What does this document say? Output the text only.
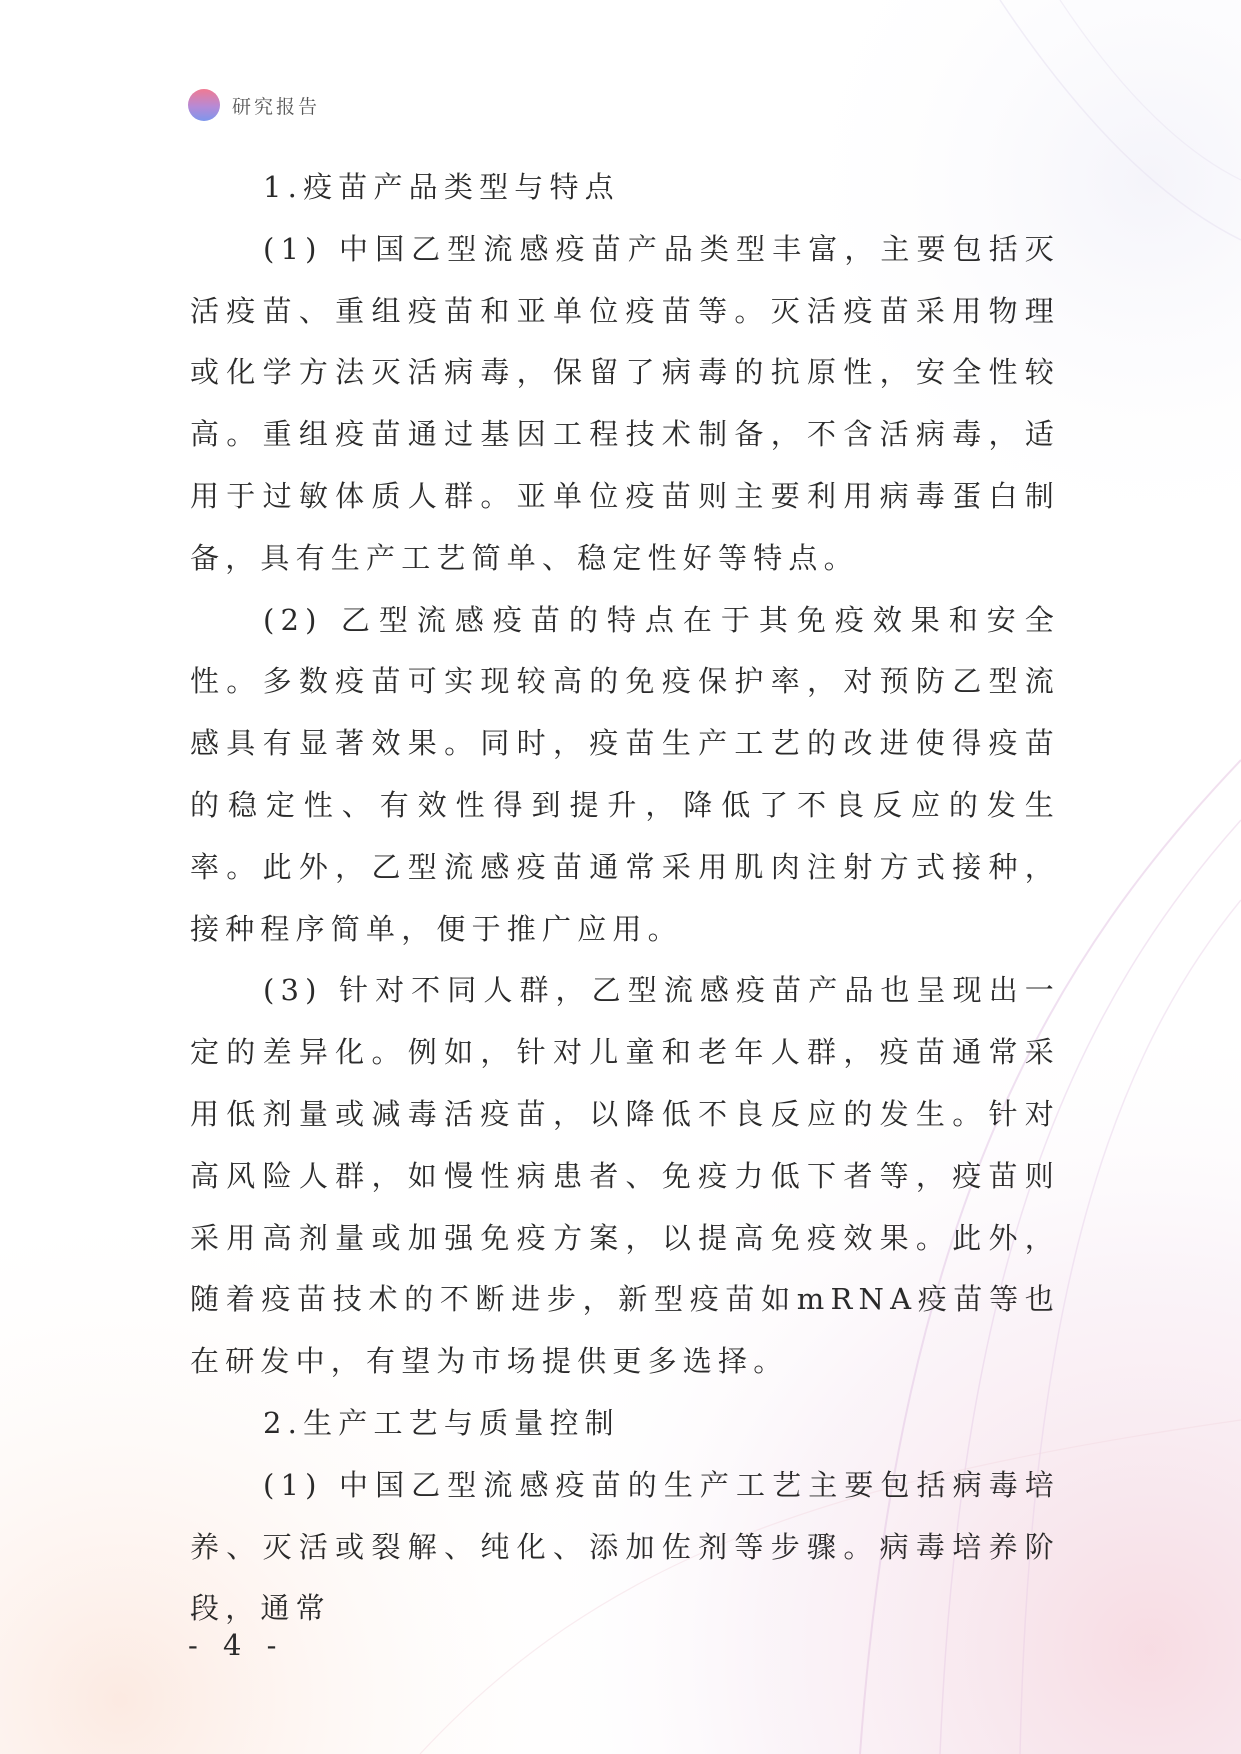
研究报告

1.疫苗产品类型与特点

(1) 中国乙型流感疫苗产品类型丰富，主要包括灭活疫苗、重组疫苗和亚单位疫苗等。灭活疫苗采用物理或化学方法灭活病毒，保留了病毒的抗原性，安全性较高。重组疫苗通过基因工程技术制备，不含活病毒，适用于过敏体质人群。亚单位疫苗则主要利用病毒蛋白制备，具有生产工艺简单、稳定性好等特点。

(2) 乙型流感疫苗的特点在于其免疫效果和安全性。多数疫苗可实现较高的免疫保护率，对预防乙型流感具有显著效果。同时，疫苗生产工艺的改进使得疫苗的稳定性、有效性得到提升，降低了不良反应的发生率。此外，乙型流感疫苗通常采用肌肉注射方式接种，接种程序简单，便于推广应用。

(3) 针对不同人群，乙型流感疫苗产品也呈现出一定的差异化。例如，针对儿童和老年人群，疫苗通常采用低剂量或减毒活疫苗，以降低不良反应的发生。针对高风险人群，如慢性病患者、免疫力低下者等，疫苗则采用高剂量或加强免疫方案，以提高免疫效果。此外，随着疫苗技术的不断进步，新型疫苗如mRNA疫苗等也在研发中，有望为市场提供更多选择。

2.生产工艺与质量控制

(1) 中国乙型流感疫苗的生产工艺主要包括病毒培养、灭活或裂解、纯化、添加佐剂等步骤。病毒培养阶段，通常

- 4 -
